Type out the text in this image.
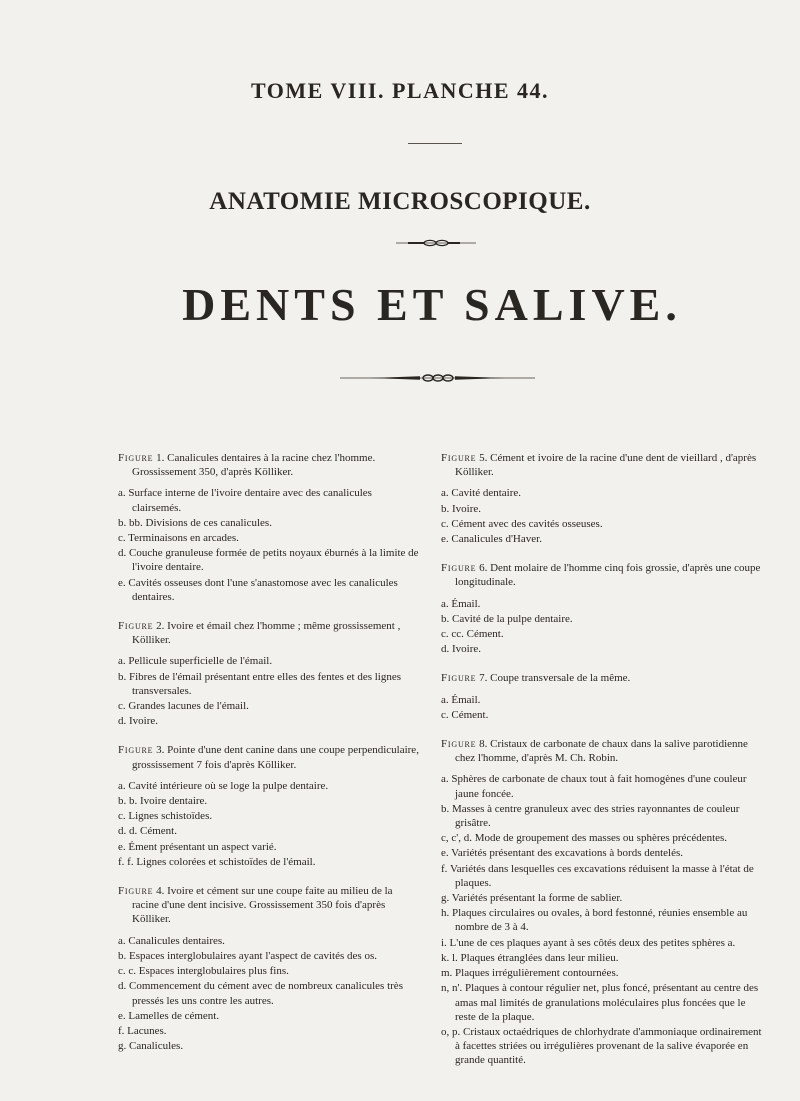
TOME VIII. PLANCHE 44.
ANATOMIE MICROSCOPIQUE.
DENTS ET SALIVE.
Figure 1. Canalicules dentaires à la racine chez l'homme. Grossissement 350, d'après Kölliker.
a. Surface interne de l'ivoire dentaire avec des canalicules clairsemés.
b. bb. Divisions de ces canalicules.
c. Terminaisons en arcades.
d. Couche granuleuse formée de petits noyaux éburnés à la limite de l'ivoire dentaire.
e. Cavités osseuses dont l'une s'anastomose avec les canalicules dentaires.
Figure 2. Ivoire et émail chez l'homme ; même grossissement , Kölliker.
a. Pellicule superficielle de l'émail.
b. Fibres de l'émail présentant entre elles des fentes et des lignes transversales.
c. Grandes lacunes de l'émail.
d. Ivoire.
Figure 3. Pointe d'une dent canine dans une coupe perpendiculaire, grossissement 7 fois d'après Kölliker.
a. Cavité intérieure où se loge la pulpe dentaire.
b. b. Ivoire dentaire.
c. Lignes schistoïdes.
d. d. Cément.
e. Ément présentant un aspect varié.
f. f. Lignes colorées et schistoïdes de l'émail.
Figure 4. Ivoire et cément sur une coupe faite au milieu de la racine d'une dent incisive. Grossissement 350 fois d'après Kölliker.
a. Canalicules dentaires.
b. Espaces interglobulaires ayant l'aspect de cavités des os.
c. c. Espaces interglobulaires plus fins.
d. Commencement du cément avec de nombreux canalicules très pressés les uns contre les autres.
e. Lamelles de cément.
f. Lacunes.
g. Canalicules.
Figure 5. Cément et ivoire de la racine d'une dent de vieillard , d'après Kölliker.
a. Cavité dentaire.
b. Ivoire.
c. Cément avec des cavités osseuses.
e. Canalicules d'Haver.
Figure 6. Dent molaire de l'homme cinq fois grossie, d'après une coupe longitudinale.
a. Émail.
b. Cavité de la pulpe dentaire.
c. cc. Cément.
d. Ivoire.
Figure 7. Coupe transversale de la même.
a. Émail.
c. Cément.
Figure 8. Cristaux de carbonate de chaux dans la salive parotidienne chez l'homme, d'après M. Ch. Robin.
a. Sphères de carbonate de chaux tout à fait homogènes d'une couleur jaune foncée.
b. Masses à centre granuleux avec des stries rayonnantes de couleur grisâtre.
c, c', d. Mode de groupement des masses ou sphères précédentes.
e. Variétés présentant des excavations à bords dentelés.
f. Variétés dans lesquelles ces excavations réduisent la masse à l'état de plaques.
g. Variétés présentant la forme de sablier.
h. Plaques circulaires ou ovales, à bord festonné, réunies ensemble au nombre de 3 à 4.
i. L'une de ces plaques ayant à ses côtés deux des petites sphères a.
k. l. Plaques étranglées dans leur milieu.
m. Plaques irrégulièrement contournées.
n, n'. Plaques à contour régulier net, plus foncé, présentant au centre des amas mal limités de granulations moléculaires plus foncées que le reste de la plaque.
o, p. Cristaux octaédriques de chlorhydrate d'ammoniaque ordinairement à facettes striées ou irrégulières provenant de la salive évaporée en grande quantité.
